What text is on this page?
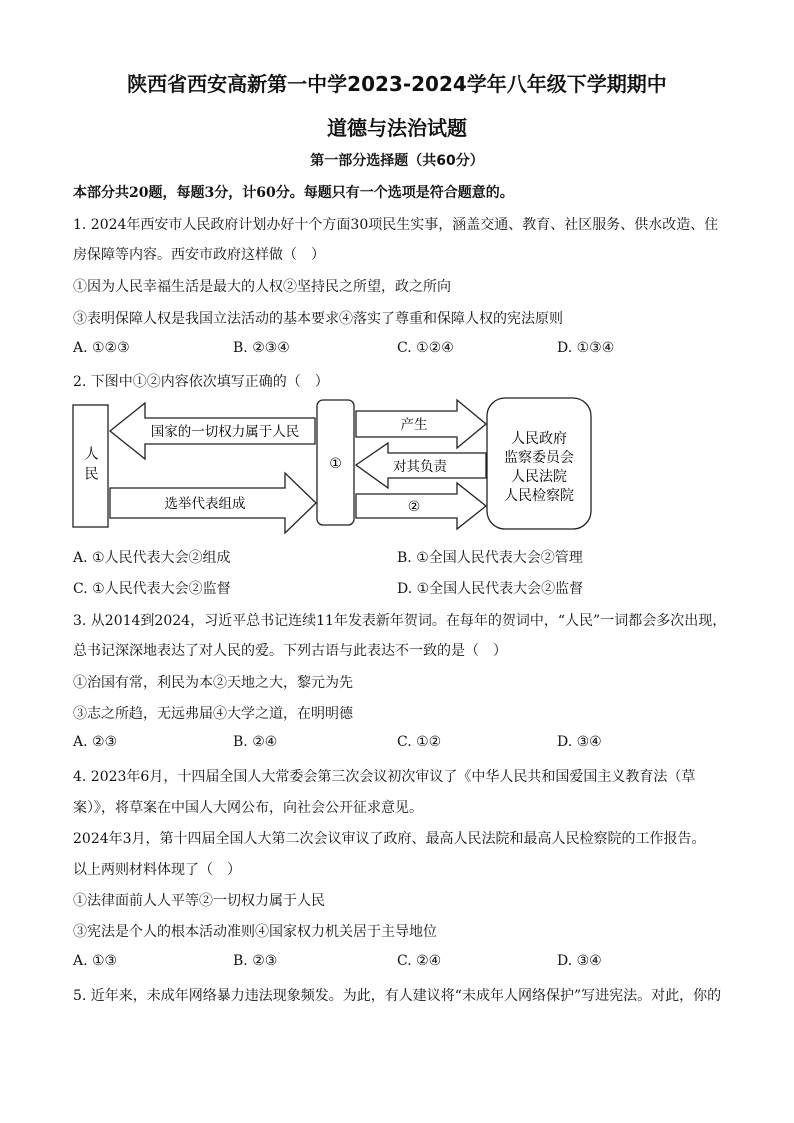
陕西省西安高新第一中学2023-2024学年八年级下学期期中
道德与法治试题
第一部分选择题（共60分）
本部分共20题，每题3分，计60分。每题只有一个选项是符合题意的。
1. 2024年西安市人民政府计划办好十个方面30项民生实事，涵盖交通、教育、社区服务、供水改造、住
房保障等内容。西安市政府这样做（　）
①因为人民幸福生活是最大的人权②坚持民之所望，政之所向
③表明保障人权是我国立法活动的基本要求④落实了尊重和保障人权的宪法原则
A. ①②③	B. ②③④	C. ①②④	D. ①③④
2. 下图中①②内容依次填写正确的（　）
人民
国家的一切权力属于人民
选举代表组成
①
产生
对其负责
②
人民政府
监察委员会
人民法院
人民检察院
A. ①人民代表大会②组成	B. ①全国人民代表大会②管理
C. ①人民代表大会②监督	D. ①全国人民代表大会②监督
3. 从2014到2024，习近平总书记连续11年发表新年贺词。在每年的贺词中，“人民”一词都会多次出现，
总书记深深地表达了对人民的爱。下列古语与此表达不一致的是（　）
①治国有常，利民为本②天地之大，黎元为先
③志之所趋，无远弗届④大学之道，在明明德
A. ②③	B. ②④	C. ①②	D. ③④
4. 2023年6月，十四届全国人大常委会第三次会议初次审议了《中华人民共和国爱国主义教育法（草
案）》，将草案在中国人大网公布，向社会公开征求意见。
2024年3月，第十四届全国人大第二次会议审议了政府、最高人民法院和最高人民检察院的工作报告。
以上两则材料体现了（　）
①法律面前人人平等②一切权力属于人民
③宪法是个人的根本活动准则④国家权力机关居于主导地位
A. ①③	B. ②③	C. ②④	D. ③④
5. 近年来，未成年网络暴力违法现象频发。为此，有人建议将“未成年人网络保护”写进宪法。对此，你的
